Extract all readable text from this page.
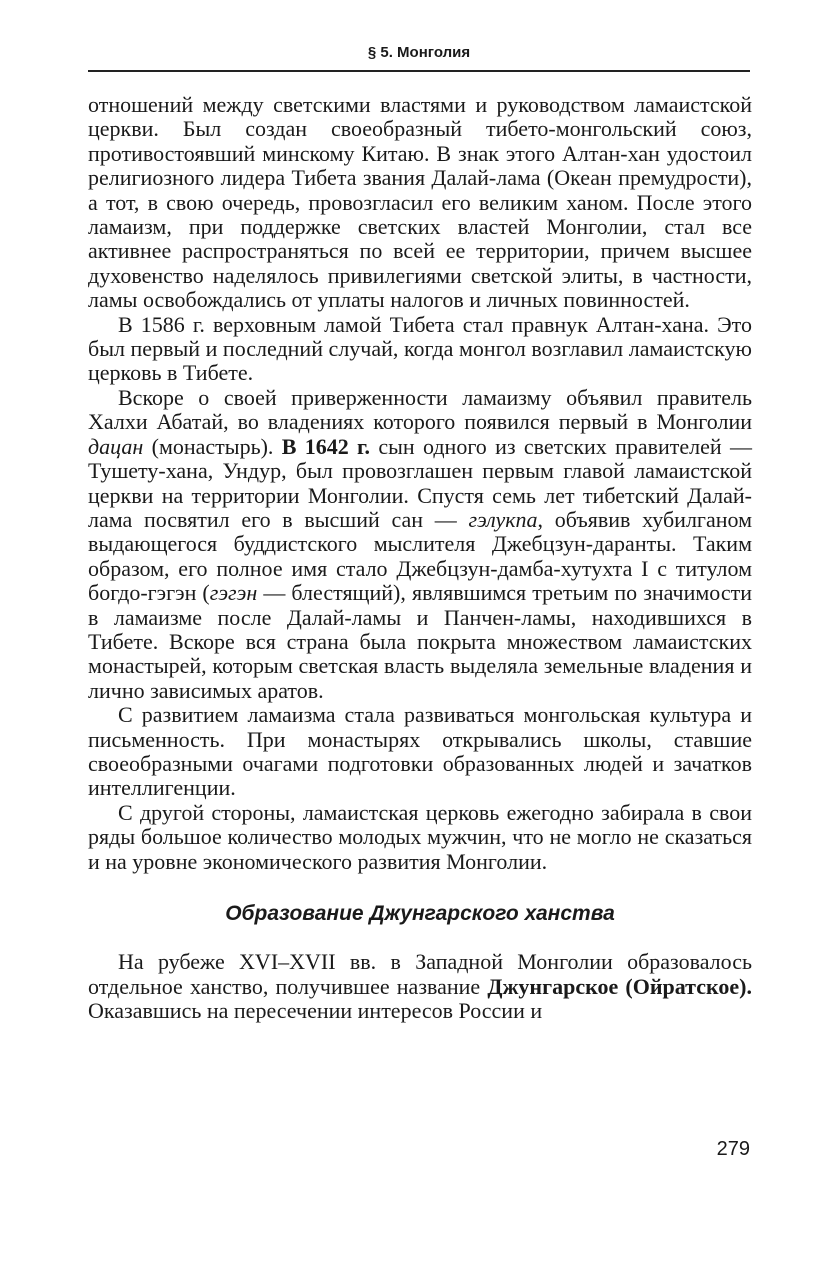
§ 5. Монголия

отношений между светскими властями и руководством ламаистской церкви. Был создан своеобразный тибето-монгольский союз, противостоявший минскому Китаю. В знак этого Алтан-хан удостоил религиозного лидера Тибета звания Далай-лама (Океан премудрости), а тот, в свою очередь, провозгласил его великим ханом. После этого ламаизм, при поддержке светских властей Монголии, стал все активнее распространяться по всей ее территории, причем высшее духовенство наделялось привилегиями светской элиты, в частности, ламы освобождались от уплаты налогов и личных повинностей.

В 1586 г. верховным ламой Тибета стал правнук Алтан-хана. Это был первый и последний случай, когда монгол возглавил ламаистскую церковь в Тибете.

Вскоре о своей приверженности ламаизму объявил правитель Халхи Абатай, во владениях которого появился первый в Монголии дацан (монастырь). В 1642 г. сын одного из светских правителей — Тушету-хана, Ундур, был провозглашен первым главой ламаистской церкви на территории Монголии. Спустя семь лет тибетский Далай-лама посвятил его в высший сан — гэлукпа, объявив хубилганом выдающегося буддистского мыслителя Джебцзун-даранты. Таким образом, его полное имя стало Джебцзун-дамба-хутухта I с титулом богдо-гэгэн (гэгэн — блестящий), являвшимся третьим по значимости в ламаизме после Далай-ламы и Панчен-ламы, находившихся в Тибете. Вскоре вся страна была покрыта множеством ламаистских монастырей, которым светская власть выделяла земельные владения и лично зависимых аратов.

С развитием ламаизма стала развиваться монгольская культура и письменность. При монастырях открывались школы, ставшие своеобразными очагами подготовки образованных людей и зачатков интеллигенции.

С другой стороны, ламаистская церковь ежегодно забирала в свои ряды большое количество молодых мужчин, что не могло не сказаться и на уровне экономического развития Монголии.

Образование Джунгарского ханства

На рубеже XVI–XVII вв. в Западной Монголии образовалось отдельное ханство, получившее название Джунгарское (Ойратское). Оказавшись на пересечении интересов России и

279
